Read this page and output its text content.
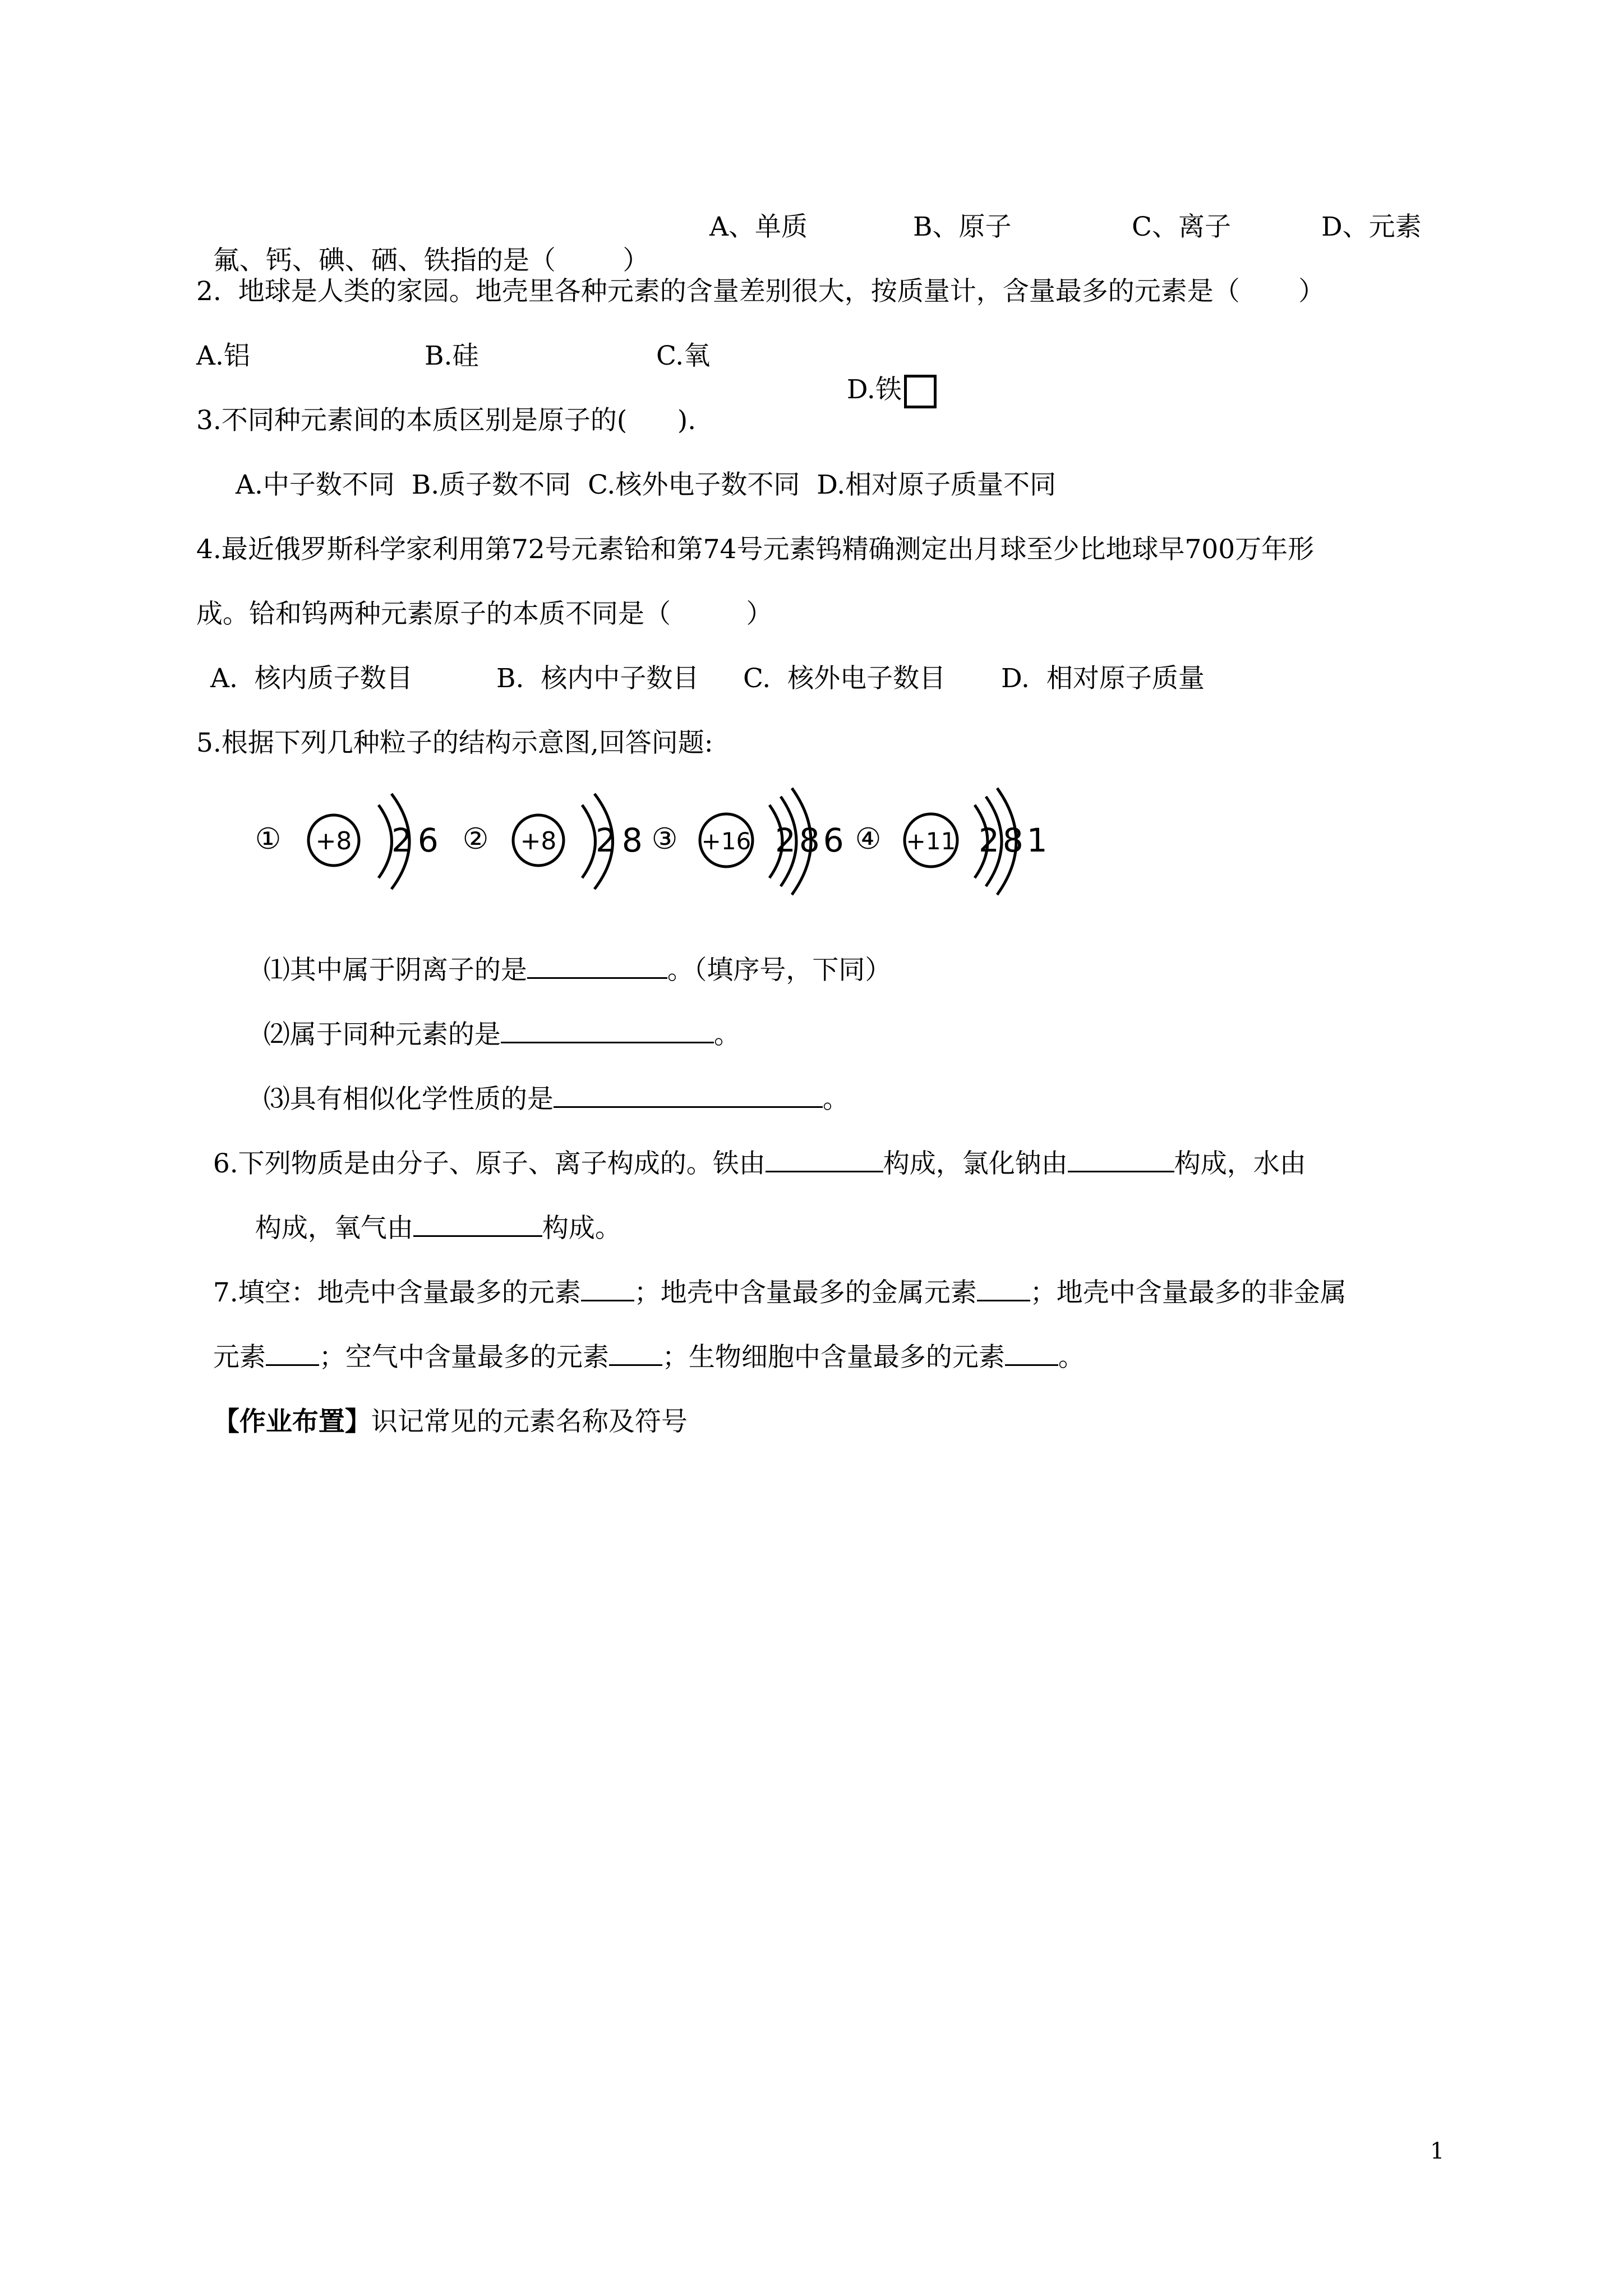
氟、钙、碘、硒、铁指的是（        ）

A、单质	B、原子	C、离子	D、元素
2.  地球是人类的家园。地壳里各种元素的含量差别很大，按质量计，含量最多的元素是（       ）
A.铝	B.硅	C.氧

D.铁

3.不同种元素间的本质区别是原子的(      ).
A.中子数不同  B.质子数不同  C.核外电子数不同  D.相对原子质量不同
4.最近俄罗斯科学家利用第72号元素铪和第74号元素钨精确测定出月球至少比地球早700万年形
成。铪和钨两种元素原子的本质不同是（         ）
A.  核内质子数目	B.  核内中子数目 C.  核外电子数目 D.  相对原子质量
5.根据下列几种粒子的结构示意图,回答问题:
① +8 26 ② +8 28 ③ +16 286 ④ +11 281

⑴其中属于阴离子的是	。（填序号，下同）

⑵属于同种元素的是	。

⑶具有相似化学性质的是	。

6.下列物质是由分子、原子、离子构成的。铁由	构成，氯化钠由	构成，水由

构成，氧气由	构成。

7.填空：地壳中含量最多的元素 ；地壳中含量最多的金属元素 ；地壳中含量最多的非金属

元素 ；空气中含量最多的元素 ；生物细胞中含量最多的元素 。

【作业布置】识记常见的元素名称及符号

1
